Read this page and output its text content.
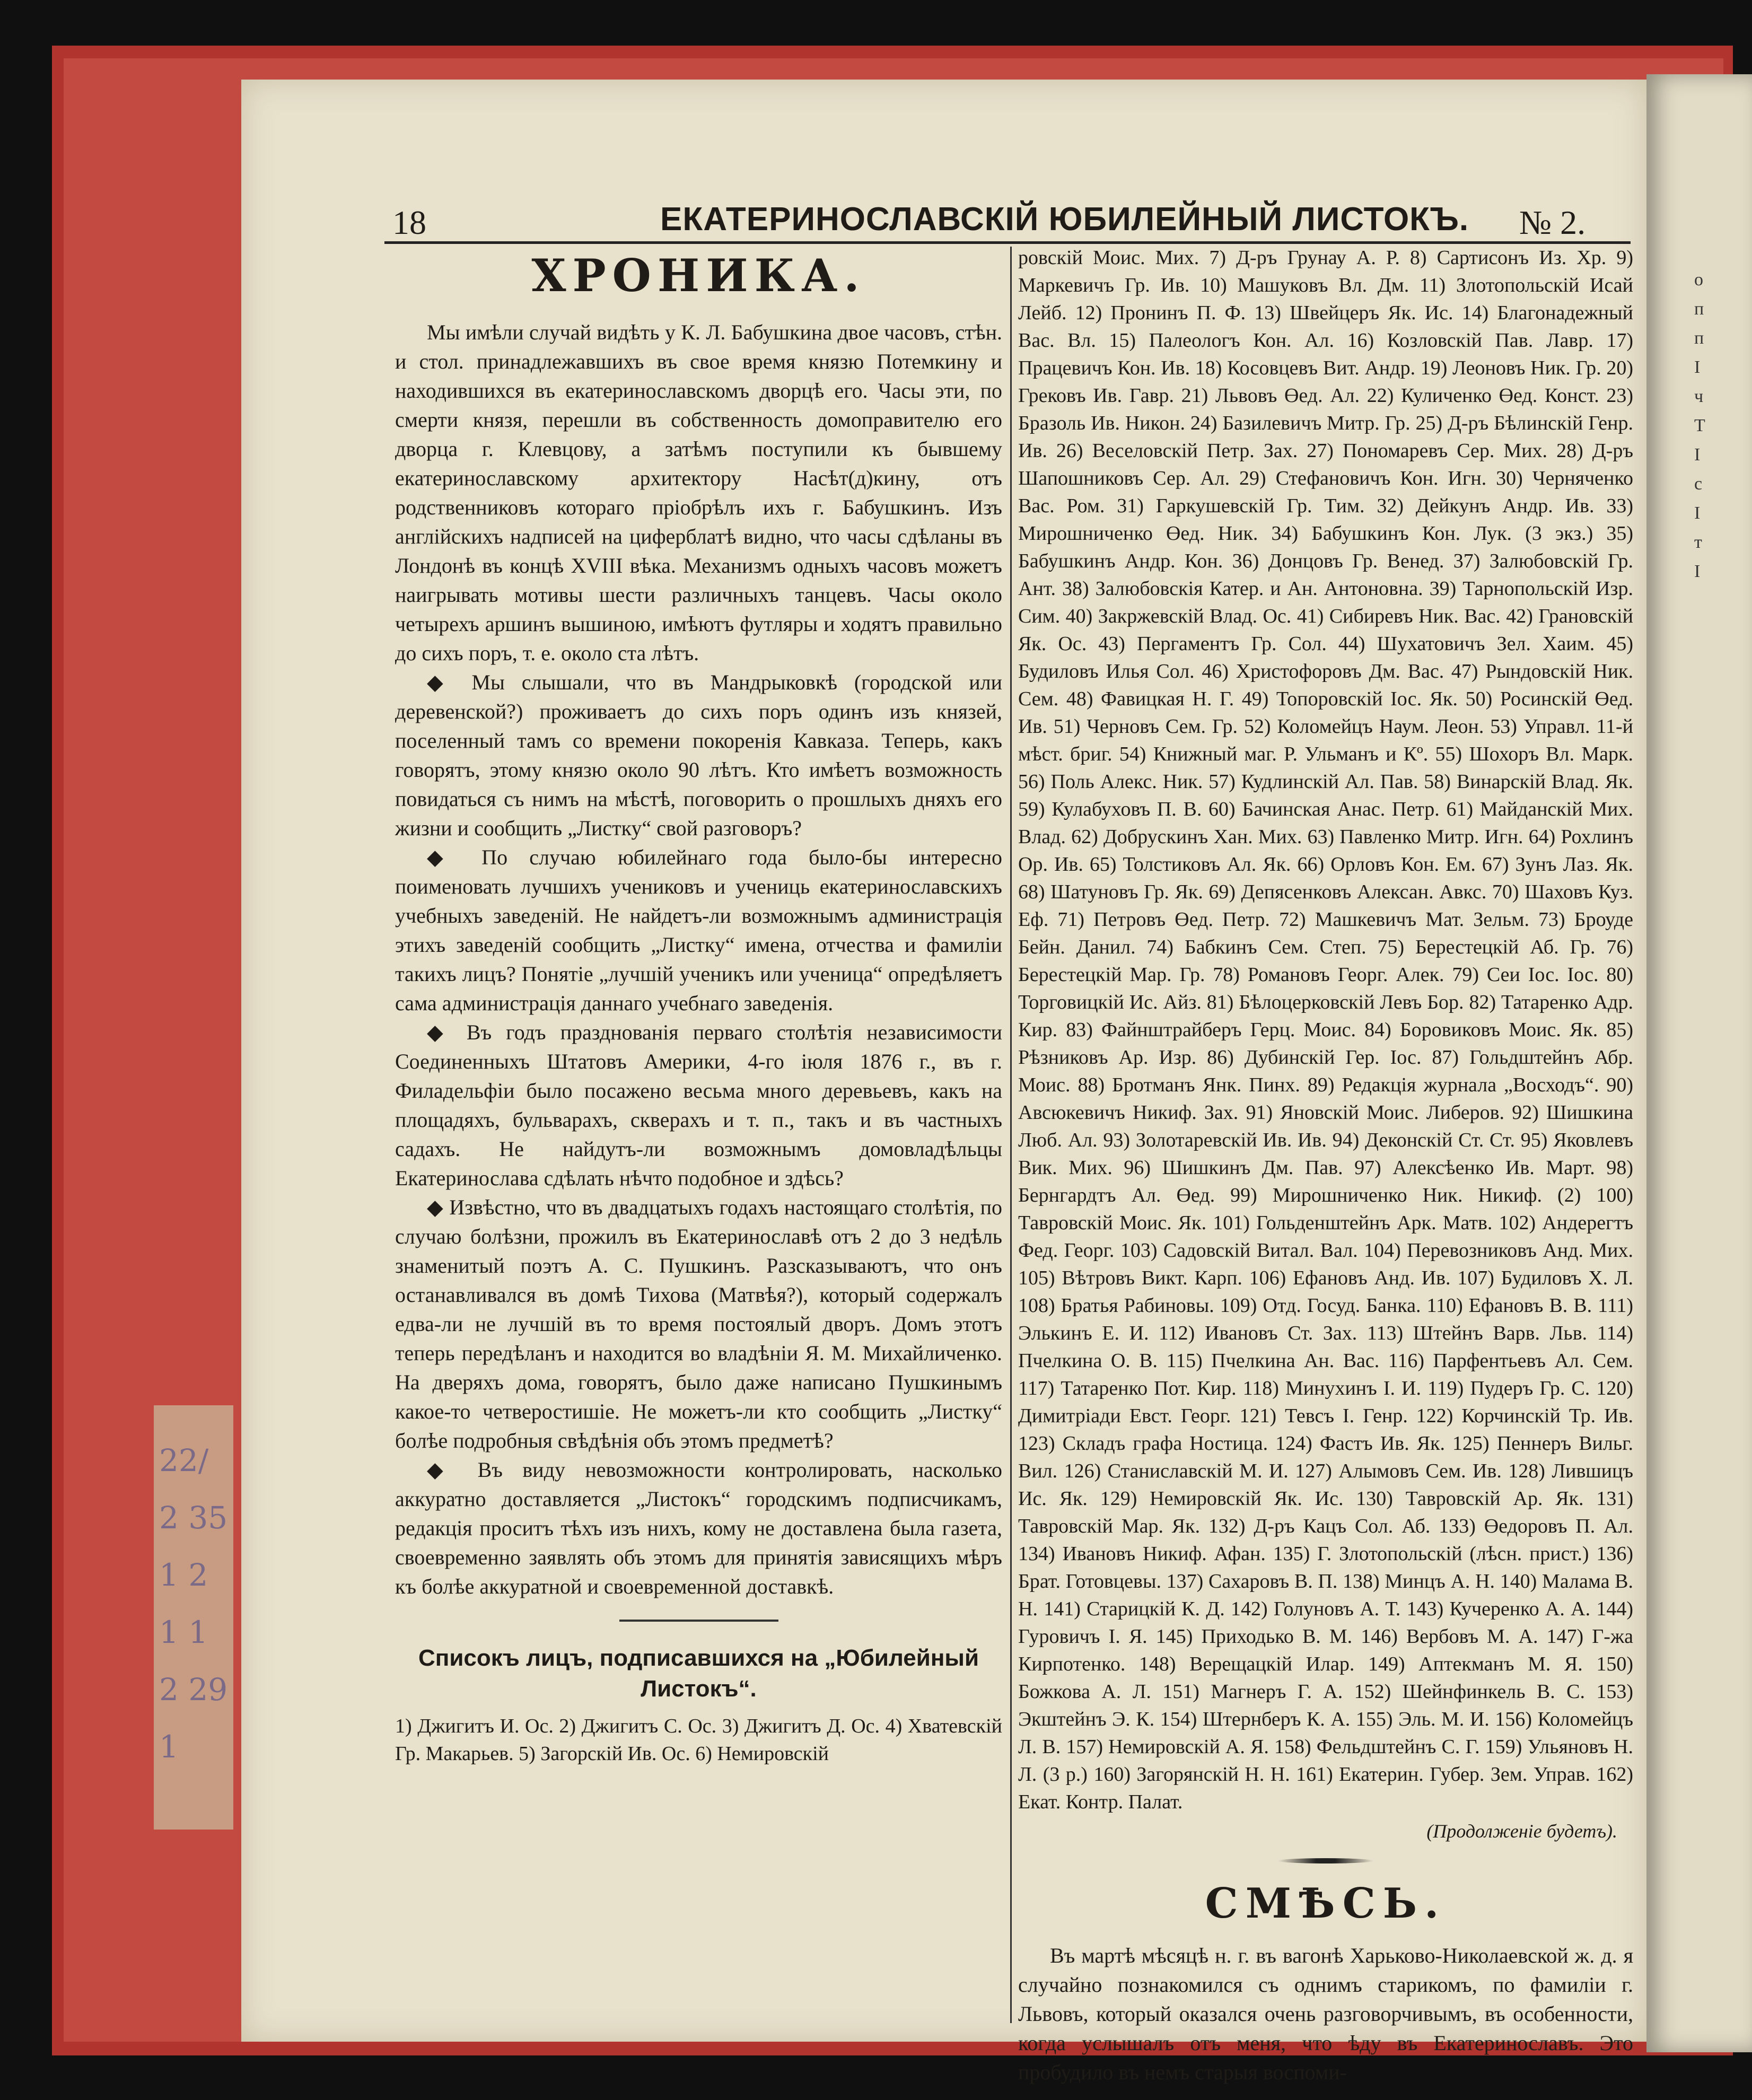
о
п
п
І
ч
Т
І
с
І
т
І
22/2 35 1 2 1 1 2 291
18	ЕКАТЕРИНОСЛАВСКІЙ ЮБИЛЕЙНЫЙ ЛИСТОКЪ. № 2.
ХРОНИКА.

Мы имѣли случай видѣть у К. Л. Бабушкина двое часовъ, стѣн. и стол. принадлежавшихъ въ свое время князю Потемкину и находившихся въ екатеринославскомъ дворцѣ его. Часы эти, по смерти князя, перешли въ собственность домоправителю его дворца г. Клевцову, а затѣмъ поступили къ бывшему екатеринославскому архитектору Насѣт(д)кину, отъ родственниковъ котораго пріобрѣлъ ихъ г. Бабушкинъ. Изъ англійскихъ надписей на циферблатѣ видно, что часы сдѣланы въ Лондонѣ въ концѣ XVIII вѣка. Механизмъ одныхъ часовъ можетъ наигрывать мотивы шести различныхъ танцевъ. Часы около четырехъ аршинъ вышиною, имѣютъ футляры и ходятъ правильно до сихъ поръ, т. е. около ста лѣтъ.

◆ Мы слышали, что въ Мандрыковкѣ (городской или деревенской?) проживаетъ до сихъ поръ одинъ изъ князей, поселенный тамъ со времени покоренія Кавказа. Теперь, какъ говорятъ, этому князю около 90 лѣтъ. Кто имѣетъ возможность повидаться съ нимъ на мѣстѣ, поговорить о прошлыхъ дняхъ его жизни и сообщить „Листку“ свой разговоръ?

◆ По случаю юбилейнаго года было-бы интересно поименовать лучшихъ учениковъ и учениць екатеринославскихъ учебныхъ заведеній. Не найдетъ-ли возможнымъ администрація этихъ заведеній сообщить „Листку“ имена, отчества и фамиліи такихъ лицъ? Понятіе „лучшій ученикъ или ученица“ опредѣляетъ сама администрація даннаго учебнаго заведенія.

◆ Въ годъ празднованія перваго столѣтія независимости Соединенныхъ Штатовъ Америки, 4-го іюля 1876 г., въ г. Филадельфіи было посажено весьма много деревьевъ, какъ на площадяхъ, бульварахъ, скверахъ и т. п., такъ и въ частныхъ садахъ. Не найдутъ-ли возможнымъ домовладѣльцы Екатеринослава сдѣлать нѣчто подобное и здѣсь?

◆ Извѣстно, что въ двадцатыхъ годахъ настоящаго столѣтія, по случаю болѣзни, прожилъ въ Екатеринославѣ отъ 2 до 3 недѣль знаменитый поэтъ А. С. Пушкинъ. Разсказываютъ, что онъ останавливался въ домѣ Тихова (Матвѣя?), который содержалъ едва-ли не лучшій въ то время постоялый дворъ. Домъ этотъ теперь передѣланъ и находится во владѣніи Я. М. Михайличенко. На дверяхъ дома, говорятъ, было даже написано Пушкинымъ какое-то четверостишіе. Не можетъ-ли кто сообщить „Листку“ болѣе подробныя свѣдѣнія объ этомъ предметѣ?

◆ Въ виду невозможности контролировать, насколько аккуратно доставляется „Листокъ“ городскимъ подписчикамъ, редакція проситъ тѣхъ изъ нихъ, кому не доставлена была газета, своевременно заявлять объ этомъ для принятія зависящихъ мѣръ къ болѣе аккуратной и своевременной доставкѣ.

Списокъ лицъ, подписавшихся на „Юбилейный Листокъ“.

1) Джигитъ И. Ос. 2) Джигитъ С. Ос. 3) Джигитъ Д. Ос. 4) Хватевскій Гр. Макарьев. 5) Загорскій Ив. Ос. 6) Немировскій

ровскій Моис. Мих. 7) Д-ръ Грунау А. Р. 8) Сартисонъ Из. Хр. 9) Маркевичъ Гр. Ив. 10) Машуковъ Вл. Дм. 11) Злотопольскій Исай Лейб. 12) Пронинъ П. Ф. 13) Швейцеръ Як. Ис. 14) Благонадежный Вас. Вл. 15) Палеологъ Кон. Ал. 16) Козловскій Пав. Лавр. 17) Працевичъ Кон. Ив. 18) Косовцевъ Вит. Андр. 19) Леоновъ Ник. Гр. 20) Грековъ Ив. Гавр. 21) Львовъ Өед. Ал. 22) Куличенко Өед. Конст. 23) Бразоль Ив. Никон. 24) Базилевичъ Митр. Гр. 25) Д-ръ Бѣлинскій Генр. Ив. 26) Веселовскій Петр. Зах. 27) Пономаревъ Сер. Мих. 28) Д-ръ Шапошниковъ Сер. Ал. 29) Стефановичъ Кон. Игн. 30) Черняченко Вас. Ром. 31) Гаркушевскій Гр. Тим. 32) Дейкунъ Андр. Ив. 33) Мирошниченко Өед. Ник. 34) Бабушкинъ Кон. Лук. (3 экз.) 35) Бабушкинъ Андр. Кон. 36) Донцовъ Гр. Венед. 37) Залюбовскій Гр. Ант. 38) Залюбовскія Катер. и Ан. Антоновна. 39) Тарнопольскій Изр. Сим. 40) Закржевскій Влад. Ос. 41) Сибиревъ Ник. Вас. 42) Грановскій Як. Ос. 43) Пергаментъ Гр. Сол. 44) Шухатовичъ Зел. Хаим. 45) Будиловъ Илья Сол. 46) Христофоровъ Дм. Вас. 47) Рындовскій Ник. Сем. 48) Фавицкая Н. Г. 49) Топоровскій Іос. Як. 50) Росинскій Өед. Ив. 51) Черновъ Сем. Гр. 52) Коломейцъ Наум. Леон. 53) Управл. 11-й мѣст. бриг. 54) Книжный маг. Р. Ульманъ и Кº. 55) Шохоръ Вл. Марк. 56) Поль Алекс. Ник. 57) Кудлинскій Ал. Пав. 58) Винарскій Влад. Як. 59) Кулабуховъ П. В. 60) Бачинская Анас. Петр. 61) Майданскій Мих. Влад. 62) Добрускинъ Хан. Мих. 63) Павленко Митр. Игн. 64) Рохлинъ Ор. Ив. 65) Толстиковъ Ал. Як. 66) Орловъ Кон. Ем. 67) Зунъ Лаз. Як. 68) Шатуновъ Гр. Як. 69) Депясенковъ Алексан. Авкс. 70) Шаховъ Куз. Еф. 71) Петровъ Өед. Петр. 72) Машкевичъ Мат. Зельм. 73) Броуде Бейн. Данил. 74) Бабкинъ Сем. Степ. 75) Берестецкій Аб. Гр. 76) Берестецкій Мар. Гр. 78) Романовъ Георг. Алек. 79) Сеи Іос. Іос. 80) Торговицкій Ис. Айз. 81) Бѣлоцерковскій Левъ Бор. 82) Татаренко Адр. Кир. 83) Файнштрайберъ Герц. Моис. 84) Боровиковъ Моис. Як. 85) Рѣзниковъ Ар. Изр. 86) Дубинскій Гер. Іос. 87) Гольдштейнъ Абр. Моис. 88) Бротманъ Янк. Пинх. 89) Редакція журнала „Восходъ“. 90) Авсюкевичъ Никиф. Зах. 91) Яновскій Моис. Либеров. 92) Шишкина Люб. Ал. 93) Золотаревскій Ив. Ив. 94) Деконскій Ст. Ст. 95) Яковлевъ Вик. Мих. 96) Шишкинъ Дм. Пав. 97) Алексѣенко Ив. Март. 98) Бернгардтъ Ал. Өед. 99) Мирошниченко Ник. Никиф. (2) 100) Тавровскій Моис. Як. 101) Гольденштейнъ Арк. Матв. 102) Андерегтъ Фед. Георг. 103) Садовскій Витал. Вал. 104) Перевозниковъ Анд. Мих. 105) Вѣтровъ Викт. Карп. 106) Ефановъ Анд. Ив. 107) Будиловъ Х. Л. 108) Братья Рабиновы. 109) Отд. Госуд. Банка. 110) Ефановъ В. В. 111) Элькинъ Е. И. 112) Ивановъ Ст. Зах. 113) Штейнъ Варв. Льв. 114) Пчелкина О. В. 115) Пчелкина Ан. Вас. 116) Парфентьевъ Ал. Сем. 117) Татаренко Пот. Кир. 118) Минухинъ І. И. 119) Пудеръ Гр. С. 120) Димитріади Евст. Георг. 121) Тевсъ І. Генр. 122) Корчинскій Тр. Ив. 123) Складъ графа Ностица. 124) Фастъ Ив. Як. 125) Пеннеръ Вильг. Вил. 126) Станиславскій М. И. 127) Алымовъ Сем. Ив. 128) Лившицъ Ис. Як. 129) Немировскій Як. Ис. 130) Тавровскій Ар. Як. 131) Тавровскій Мар. Як. 132) Д-ръ Кацъ Сол. Аб. 133) Өедоровъ П. Ал. 134) Ивановъ Никиф. Афан. 135) Г. Злотопольскій (лѣсн. прист.) 136) Брат. Готовцевы. 137) Сахаровъ В. П. 138) Минцъ А. Н. 140) Малама В. Н. 141) Старицкій К. Д. 142) Голуновъ А. Т. 143) Кучеренко А. А. 144) Гуровичъ І. Я. 145) Приходько В. М. 146) Вербовъ М. А. 147) Г-жа Кирпотенко. 148) Верещацкій Илар. 149) Аптекманъ М. Я. 150) Божкова А. Л. 151) Магнеръ Г. А. 152) Шейнфинкель В. С. 153) Экштейнъ Э. К. 154) Штернберъ К. А. 155) Эль. М. И. 156) Коломейцъ Л. В. 157) Немировскій А. Я. 158) Фельдштейнъ С. Г. 159) Ульяновъ Н. Л. (3 р.) 160) Загорянскій Н. Н. 161) Екатерин. Губер. Зем. Управ. 162) Екат. Контр. Палат.

(Продолженіе будетъ).
СМѢСЬ.

Въ мартѣ мѣсяцѣ н. г. въ вагонѣ Харьково-Николаевской ж. д. я случайно познакомился съ однимъ старикомъ, по фамиліи г. Львовъ, который оказался очень разговорчивымъ, въ особенности, когда услышалъ отъ меня, что ѣду въ Екатеринославъ. Это пробудило въ немъ старыя воспоми-
